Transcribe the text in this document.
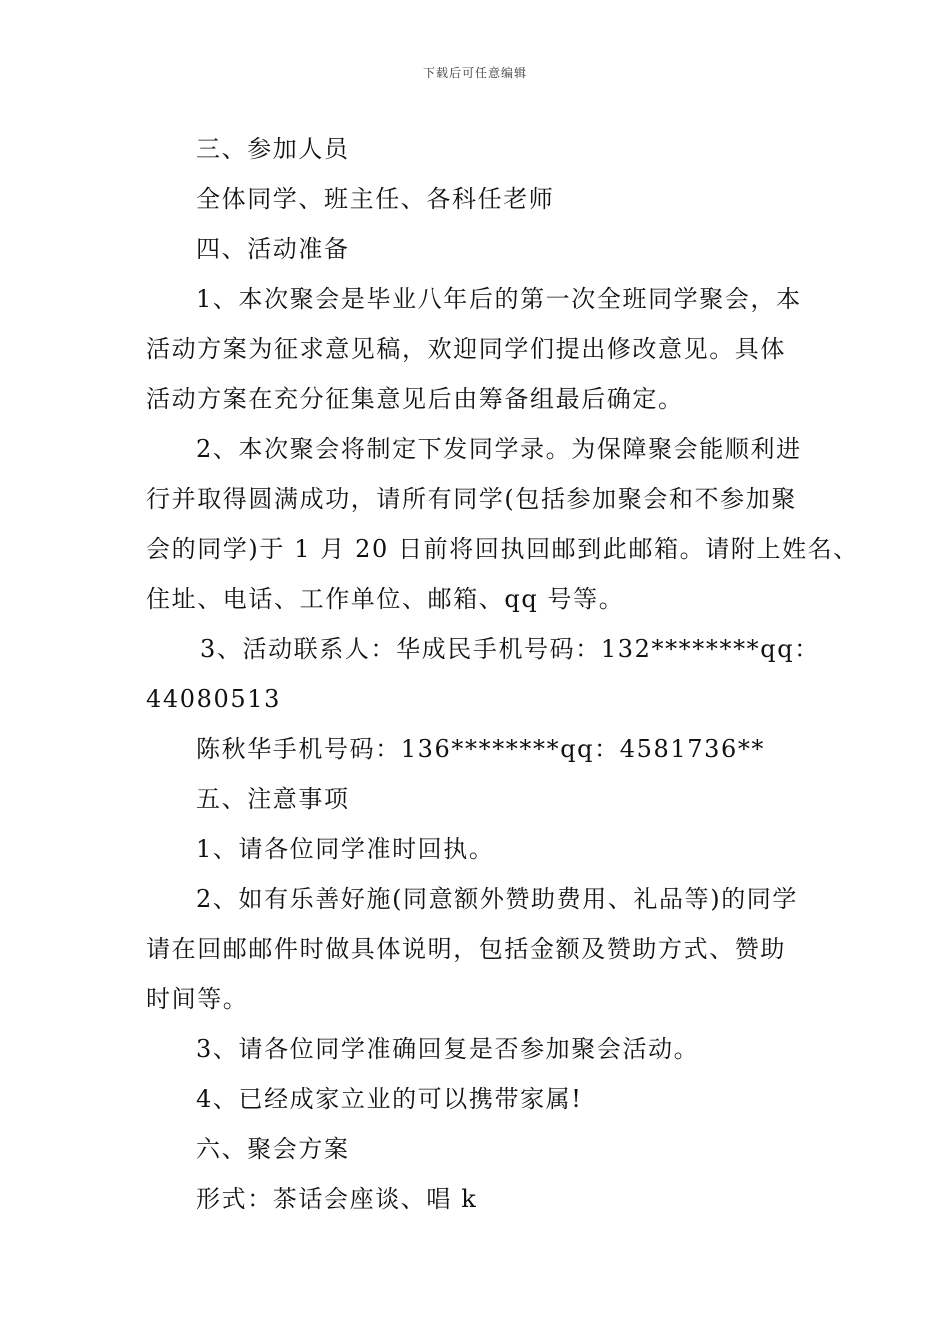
下载后可任意编辑
三、参加人员
全体同学、班主任、各科任老师
四、活动准备
1、本次聚会是毕业八年后的第一次全班同学聚会，本
活动方案为征求意见稿，欢迎同学们提出修改意见。具体
活动方案在充分征集意见后由筹备组最后确定。
2、本次聚会将制定下发同学录。为保障聚会能顺利进
行并取得圆满成功，请所有同学(包括参加聚会和不参加聚
会的同学)于 1 月 20 日前将回执回邮到此邮箱。请附上姓名、
住址、电话、工作单位、邮箱、qq 号等。
3、活动联系人：华成民手机号码：132********qq：
44080513
陈秋华手机号码：136********qq：4581736**
五、注意事项
1、请各位同学准时回执。
2、如有乐善好施(同意额外赞助费用、礼品等)的同学
请在回邮邮件时做具体说明，包括金额及赞助方式、赞助
时间等。
3、请各位同学准确回复是否参加聚会活动。
4、已经成家立业的可以携带家属!
六、聚会方案
形式：茶话会座谈、唱 k
